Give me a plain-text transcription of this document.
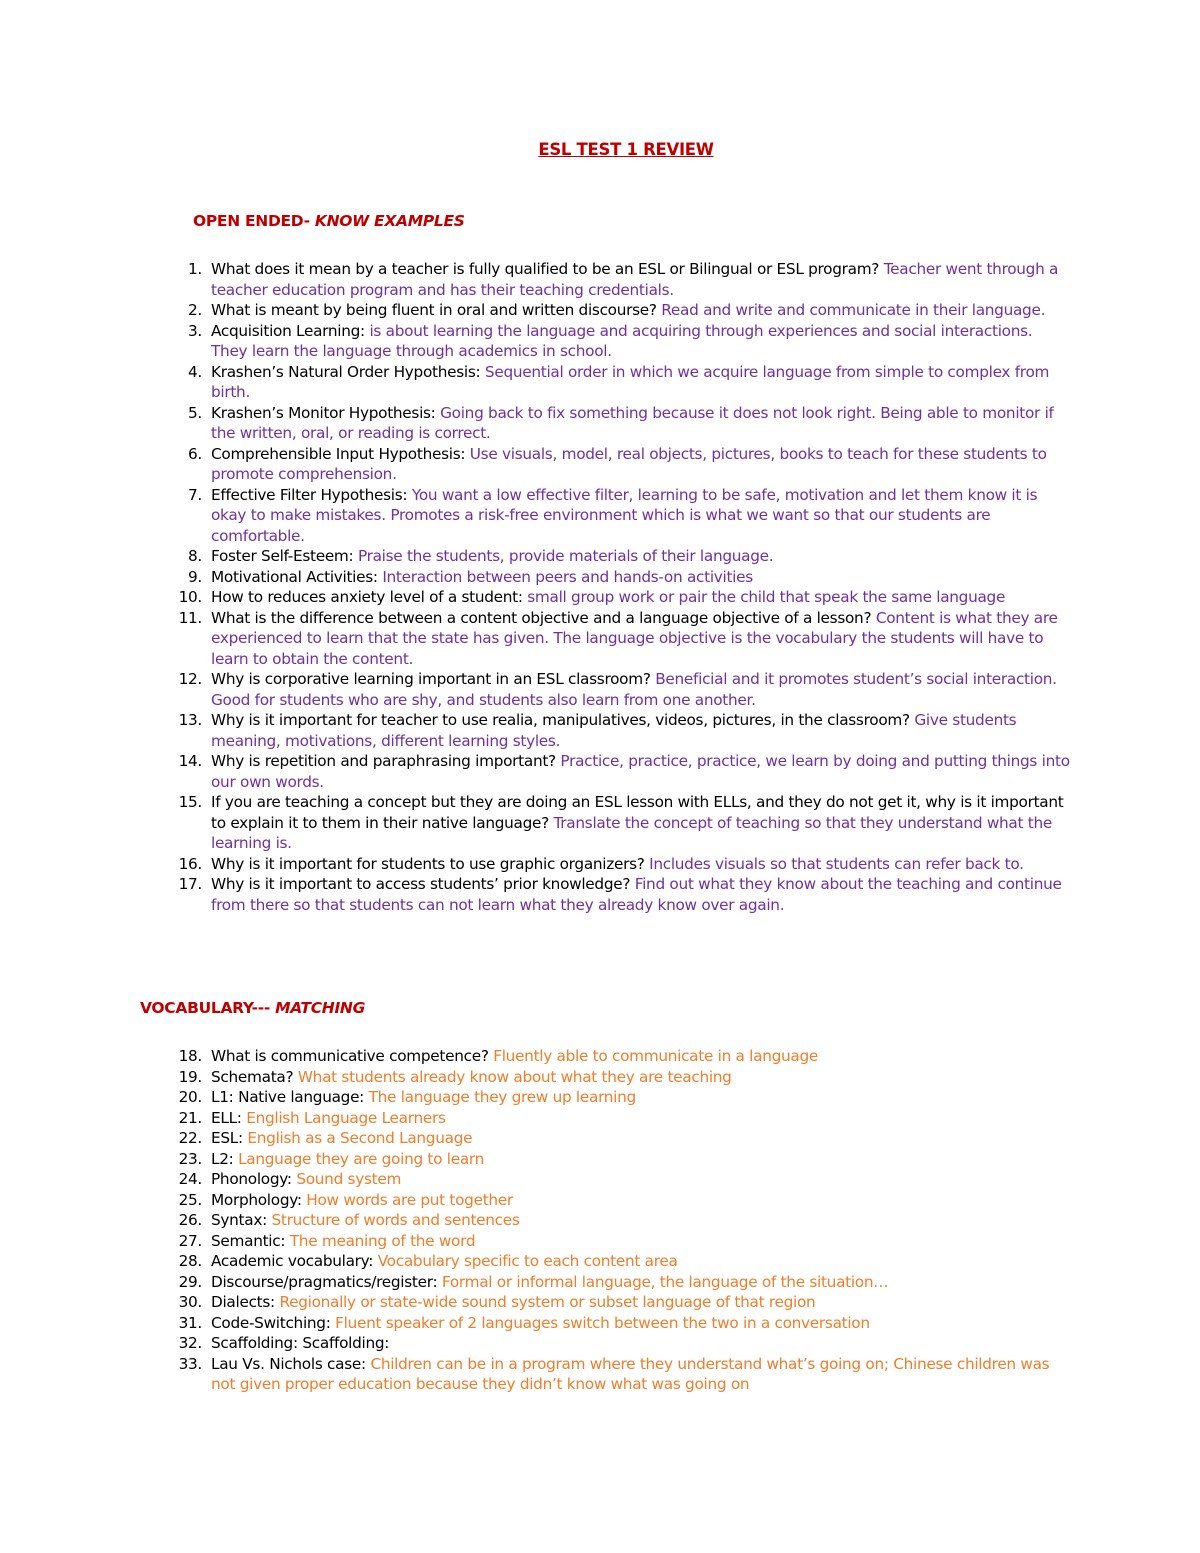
ESL TEST 1 REVIEW
OPEN ENDED- KNOW EXAMPLES
1. What does it mean by a teacher is fully qualified to be an ESL or Bilingual or ESL program? Teacher went through a teacher education program and has their teaching credentials.
2. What is meant by being fluent in oral and written discourse? Read and write and communicate in their language.
3. Acquisition Learning: is about learning the language and acquiring through experiences and social interactions. They learn the language through academics in school.
4. Krashen’s Natural Order Hypothesis: Sequential order in which we acquire language from simple to complex from birth.
5. Krashen’s Monitor Hypothesis: Going back to fix something because it does not look right. Being able to monitor if the written, oral, or reading is correct.
6. Comprehensible Input Hypothesis: Use visuals, model, real objects, pictures, books to teach for these students to promote comprehension.
7. Effective Filter Hypothesis: You want a low effective filter, learning to be safe, motivation and let them know it is okay to make mistakes. Promotes a risk-free environment which is what we want so that our students are comfortable.
8. Foster Self-Esteem: Praise the students, provide materials of their language.
9. Motivational Activities: Interaction between peers and hands-on activities
10. How to reduces anxiety level of a student: small group work or pair the child that speak the same language
11. What is the difference between a content objective and a language objective of a lesson? Content is what they are experienced to learn that the state has given. The language objective is the vocabulary the students will have to learn to obtain the content.
12. Why is corporative learning important in an ESL classroom? Beneficial and it promotes student’s social interaction. Good for students who are shy, and students also learn from one another.
13. Why is it important for teacher to use realia, manipulatives, videos, pictures, in the classroom? Give students meaning, motivations, different learning styles.
14. Why is repetition and paraphrasing important? Practice, practice, practice, we learn by doing and putting things into our own words.
15. If you are teaching a concept but they are doing an ESL lesson with ELLs, and they do not get it, why is it important to explain it to them in their native language? Translate the concept of teaching so that they understand what the learning is.
16. Why is it important for students to use graphic organizers? Includes visuals so that students can refer back to.
17. Why is it important to access students’ prior knowledge? Find out what they know about the teaching and continue from there so that students can not learn what they already know over again.
VOCABULARY--- MATCHING
18. What is communicative competence? Fluently able to communicate in a language
19. Schemata? What students already know about what they are teaching
20. L1: Native language: The language they grew up learning
21. ELL: English Language Learners
22. ESL: English as a Second Language
23. L2: Language they are going to learn
24. Phonology: Sound system
25. Morphology: How words are put together
26. Syntax: Structure of words and sentences
27. Semantic: The meaning of the word
28. Academic vocabulary: Vocabulary specific to each content area
29. Discourse/pragmatics/register: Formal or informal language, the language of the situation…
30. Dialects: Regionally or state-wide sound system or subset language of that region
31. Code-Switching: Fluent speaker of 2 languages switch between the two in a conversation
32. Scaffolding: Scaffolding:
33. Lau Vs. Nichols case: Children can be in a program where they understand what’s going on; Chinese children was not given proper education because they didn’t know what was going on
